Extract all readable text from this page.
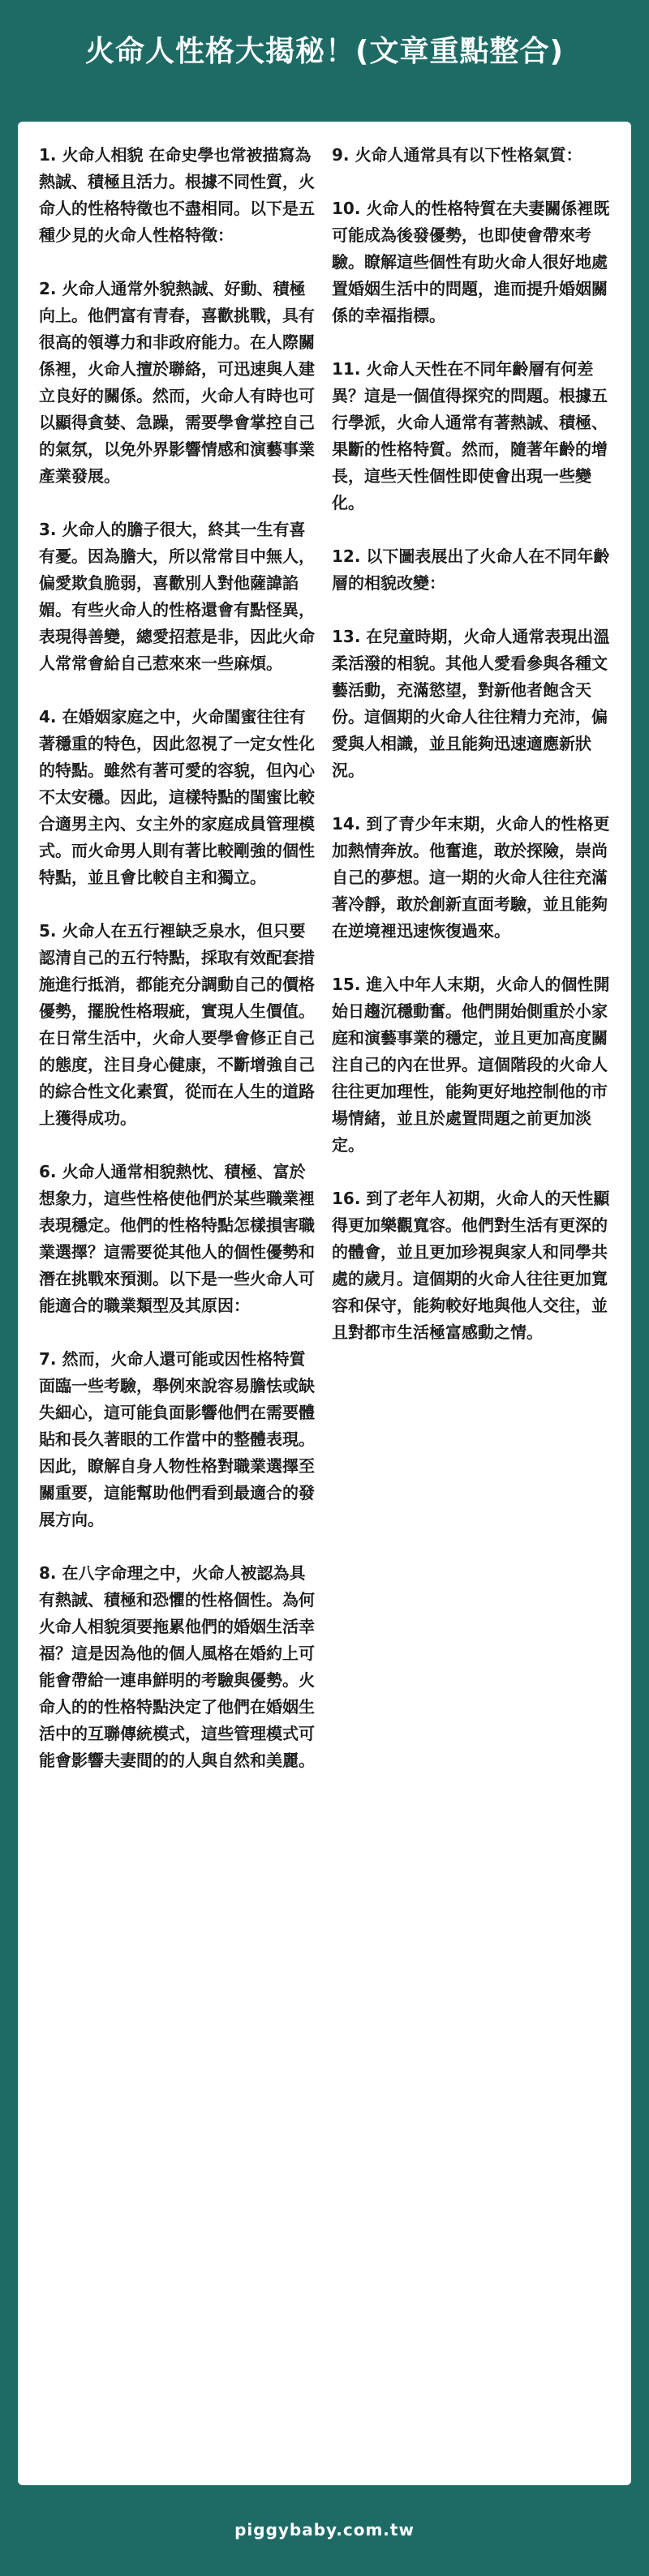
火命人性格大揭秘！(文章重點整合)

1. 火命人相貌 在命史學也常被描寫為熱誠、積極且活力。根據不同性質，火命人的性格特徵也不盡相同。以下是五種少見的火命人性格特徵：

2. 火命人通常外貌熱誠、好動、積極向上。他們富有青春，喜歡挑戰，具有很高的領導力和非政府能力。在人際關係裡，火命人擅於聯絡，可迅速與人建立良好的關係。然而，火命人有時也可以顯得貪婪、急躁，需要學會掌控自己的氣氛，以免外界影響情感和演藝事業產業發展。

3. 火命人的膽子很大，終其一生有喜有憂。因為膽大，所以常常目中無人，偏愛欺負脆弱，喜歡別人對他薩諱諂媚。有些火命人的性格還會有點怪異，表現得善變，總愛招惹是非，因此火命人常常會給自己惹來來一些麻煩。

4. 在婚姻家庭之中，火命閨蜜往往有著穩重的特色，因此忽視了一定女性化的特點。雖然有著可愛的容貌，但內心不太安穩。因此，這樣特點的閨蜜比較合適男主內、女主外的家庭成員管理模式。而火命男人則有著比較剛強的個性特點，並且會比較自主和獨立。

5. 火命人在五行裡缺乏泉水，但只要認清自己的五行特點，採取有效配套措施進行抵消，都能充分調動自己的價格優勢，擺脫性格瑕疵，實現人生價值。在日常生活中，火命人要學會修正自己的態度，注目身心健康，不斷增強自己的綜合性文化素質，從而在人生的道路上獲得成功。

6. 火命人通常相貌熱忱、積極、富於想象力，這些性格使他們於某些職業裡表現穩定。他們的性格特點怎樣損害職業選擇？這需要從其他人的個性優勢和潛在挑戰來預測。以下是一些火命人可能適合的職業類型及其原因：

7. 然而，火命人還可能或因性格特質面臨一些考驗，舉例來說容易膽怯或缺失細心，這可能負面影響他們在需要體貼和長久著眼的工作當中的整體表現。因此，瞭解自身人物性格對職業選擇至關重要，這能幫助他們看到最適合的發展方向。

8. 在八字命理之中，火命人被認為具有熱誠、積極和恐懼的性格個性。為何火命人相貌須要拖累他們的婚姻生活幸福？這是因為他的個人風格在婚約上可能會帶給一連串鮮明的考驗與優勢。火命人的的性格特點決定了他們在婚姻生活中的互聯傳統模式，這些管理模式可能會影響夫妻間的的人與自然和美麗。

9. 火命人通常具有以下性格氣質：

10. 火命人的性格特質在夫妻關係裡既可能成為後發優勢，也即使會帶來考驗。瞭解這些個性有助火命人很好地處置婚姻生活中的問題，進而提升婚姻關係的幸福指標。

11. 火命人天性在不同年齡層有何差異？這是一個值得探究的問題。根據五行學派，火命人通常有著熱誠、積極、果斷的性格特質。然而，隨著年齡的增長，這些天性個性即使會出現一些變化。

12. 以下圖表展出了火命人在不同年齡層的相貌改變：

13. 在兒童時期，火命人通常表現出溫柔活潑的相貌。其他人愛看參與各種文藝活動，充滿慾望，對新他者飽含天份。這個期的火命人往往精力充沛，偏愛與人相識，並且能夠迅速適應新狀況。

14. 到了青少年末期，火命人的性格更加熱情奔放。他奮進，敢於探險，崇尚自己的夢想。這一期的火命人往往充滿著冷靜，敢於創新直面考驗，並且能夠在逆境裡迅速恢復過來。

15. 進入中年人末期，火命人的個性開始日趨沉穩動奮。他們開始側重於小家庭和演藝事業的穩定，並且更加高度關注自己的內在世界。這個階段的火命人往往更加理性，能夠更好地控制他的市場情緒，並且於處置問題之前更加淡定。

16. 到了老年人初期，火命人的天性顯得更加樂觀寬容。他們對生活有更深的的體會，並且更加珍視與家人和同學共處的歲月。這個期的火命人往往更加寬容和保守，能夠較好地與他人交往，並且對都市生活極富感動之情。

piggybaby.com.tw
